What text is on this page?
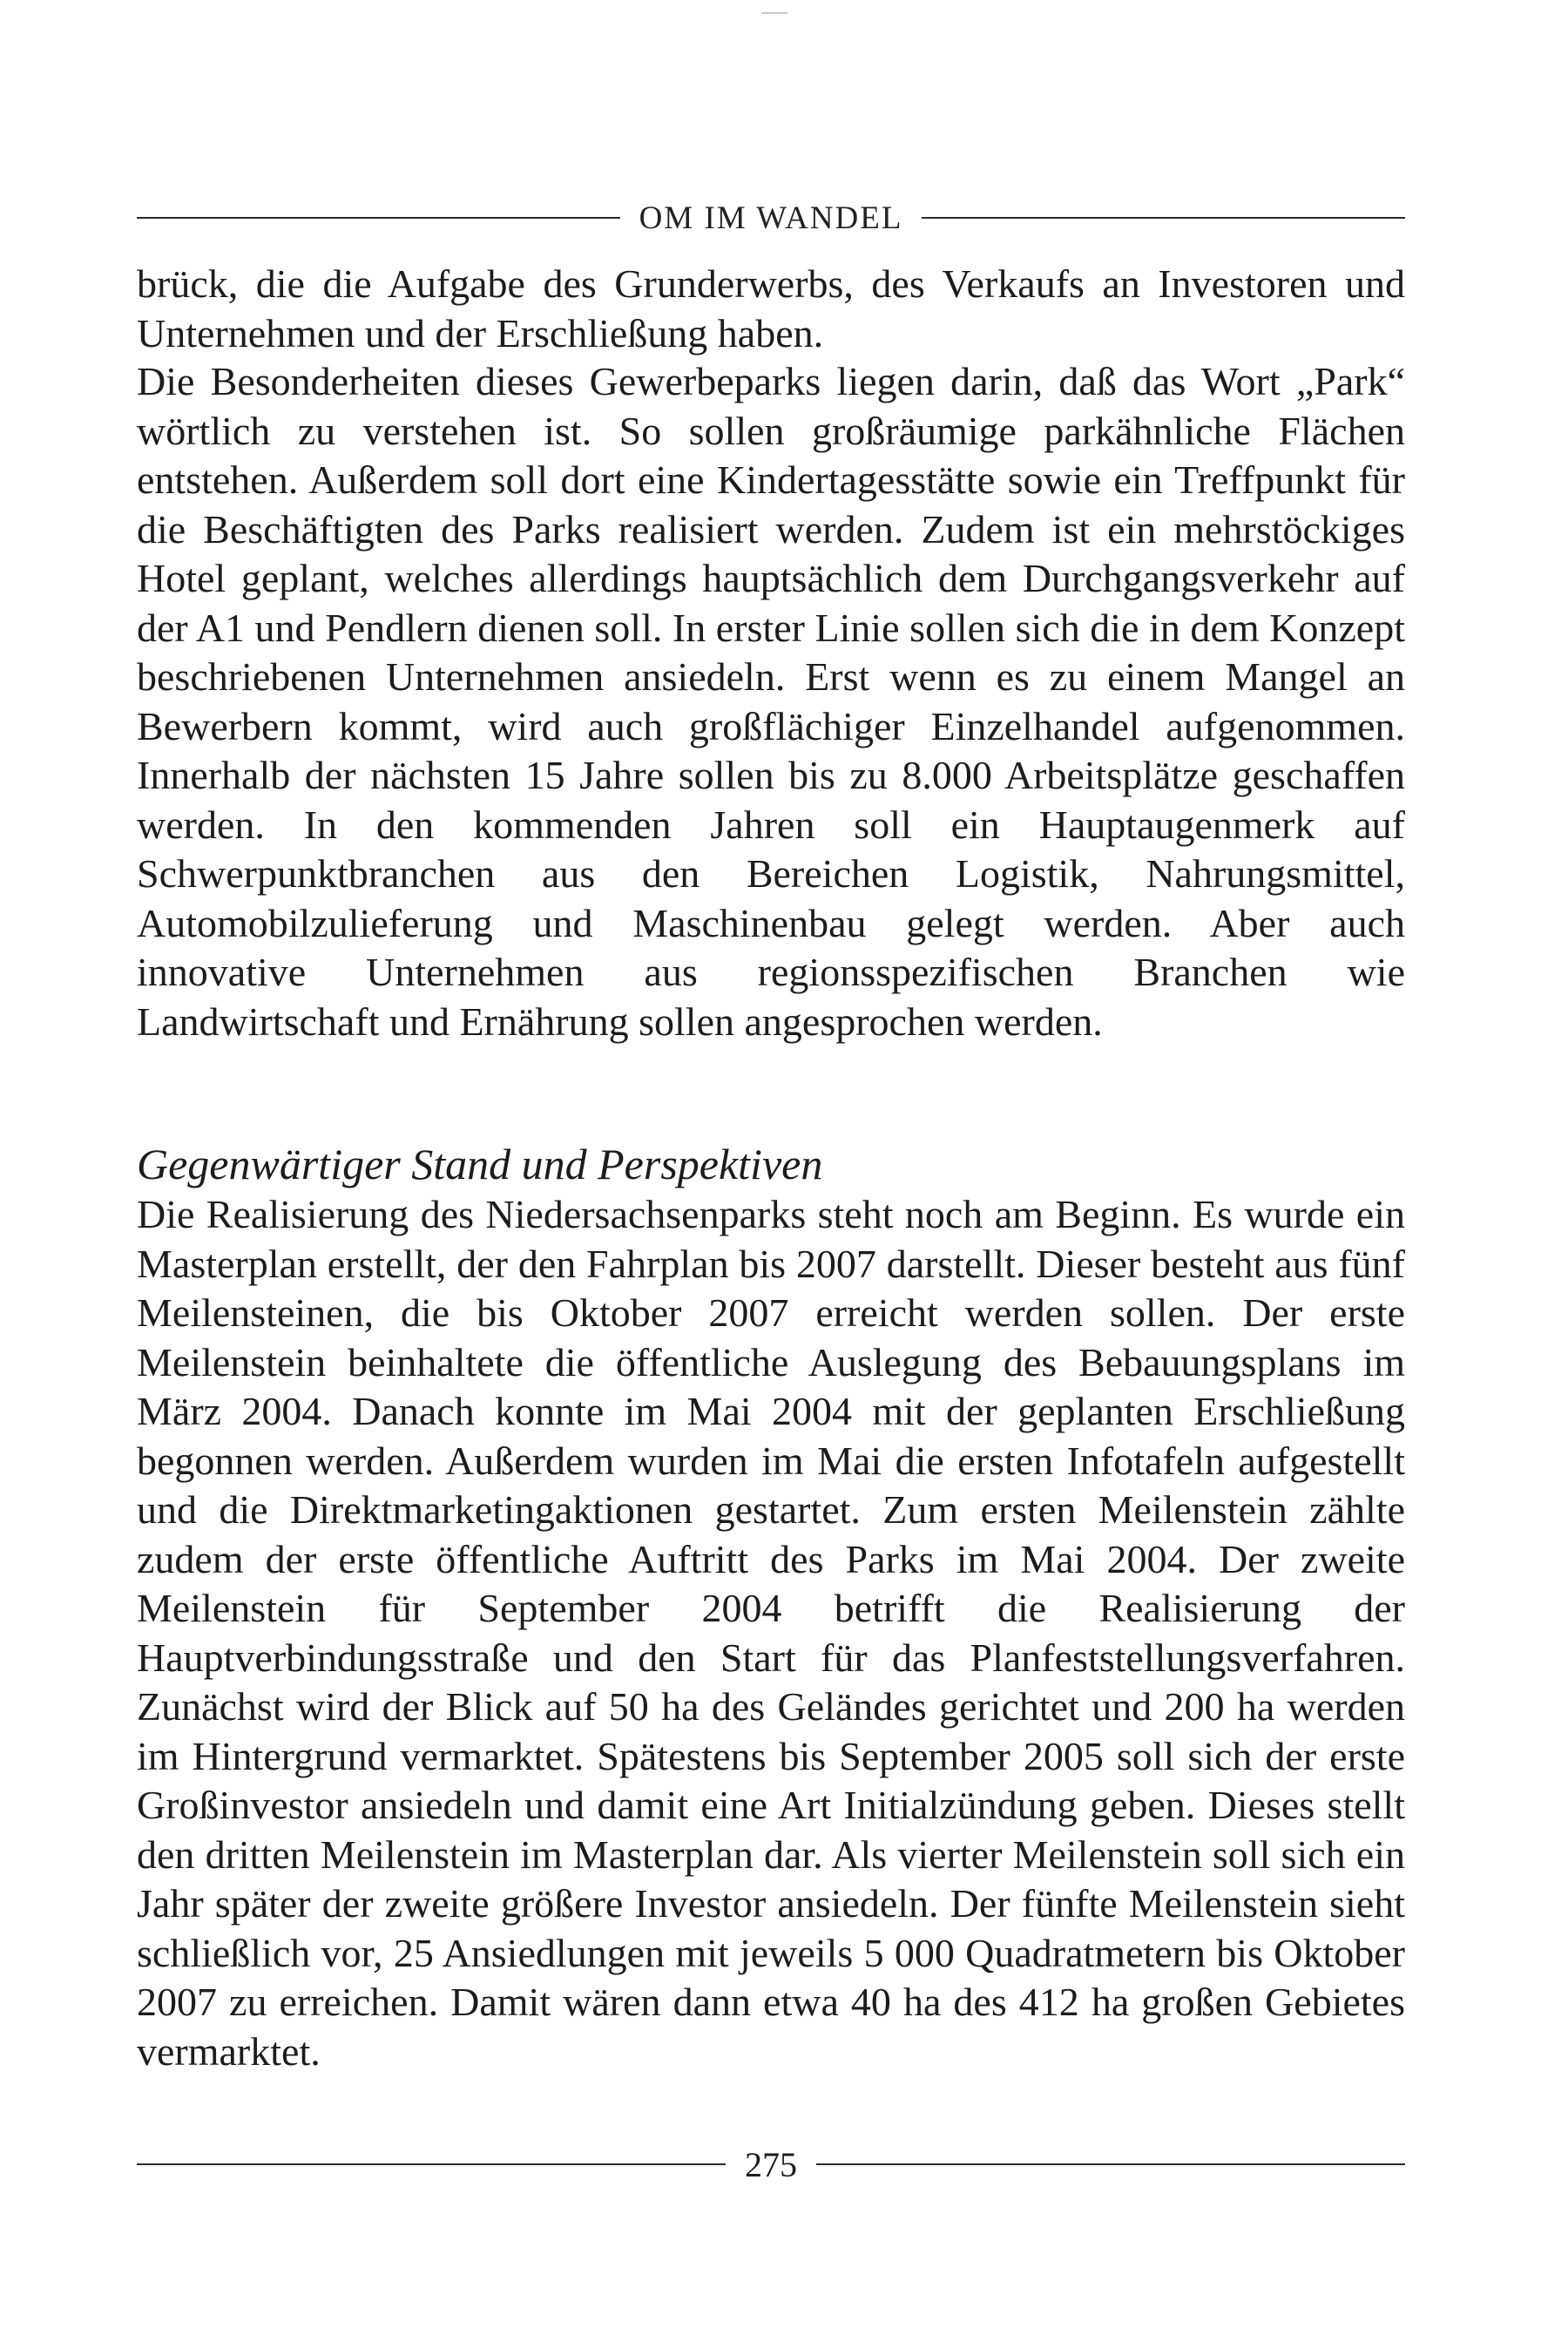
OM IM WANDEL

brück, die die Aufgabe des Grunderwerbs, des Verkaufs an Investoren und Unternehmen und der Erschließung haben.

Die Besonderheiten dieses Gewerbeparks liegen darin, daß das Wort „Park“ wörtlich zu verstehen ist. So sollen großräumige parkähnliche Flächen entstehen. Außerdem soll dort eine Kindertagesstätte sowie ein Treffpunkt für die Beschäftigten des Parks realisiert werden. Zudem ist ein mehrstöckiges Hotel geplant, welches allerdings hauptsächlich dem Durchgangsverkehr auf der A1 und Pendlern dienen soll. In erster Linie sollen sich die in dem Konzept beschriebenen Unternehmen ansiedeln. Erst wenn es zu einem Mangel an Bewerbern kommt, wird auch großflächiger Einzelhandel aufgenommen. Innerhalb der nächsten 15 Jahre sollen bis zu 8.000 Arbeitsplätze geschaffen werden. In den kommenden Jahren soll ein Hauptaugenmerk auf Schwerpunktbranchen aus den Bereichen Logistik, Nahrungsmittel, Automobilzulieferung und Maschinenbau gelegt werden. Aber auch innovative Unternehmen aus regionsspezifischen Branchen wie Landwirtschaft und Ernährung sollen angesprochen werden.

Gegenwärtiger Stand und Perspektiven

Die Realisierung des Niedersachsenparks steht noch am Beginn. Es wurde ein Masterplan erstellt, der den Fahrplan bis 2007 darstellt. Dieser besteht aus fünf Meilensteinen, die bis Oktober 2007 erreicht werden sollen. Der erste Meilenstein beinhaltete die öffentliche Auslegung des Bebauungsplans im März 2004. Danach konnte im Mai 2004 mit der geplanten Erschließung begonnen werden. Außerdem wurden im Mai die ersten Infotafeln aufgestellt und die Direktmarketingaktionen gestartet. Zum ersten Meilenstein zählte zudem der erste öffentliche Auftritt des Parks im Mai 2004. Der zweite Meilenstein für September 2004 betrifft die Realisierung der Hauptverbindungsstraße und den Start für das Planfeststellungsverfahren. Zunächst wird der Blick auf 50 ha des Geländes gerichtet und 200 ha werden im Hintergrund vermarktet. Spätestens bis September 2005 soll sich der erste Großinvestor ansiedeln und damit eine Art Initialzündung geben. Dieses stellt den dritten Meilenstein im Masterplan dar. Als vierter Meilenstein soll sich ein Jahr später der zweite größere Investor ansiedeln. Der fünfte Meilenstein sieht schließlich vor, 25 Ansiedlungen mit jeweils 5 000 Quadratmetern bis Oktober 2007 zu erreichen. Damit wären dann etwa 40 ha des 412 ha großen Gebietes vermarktet.

275
